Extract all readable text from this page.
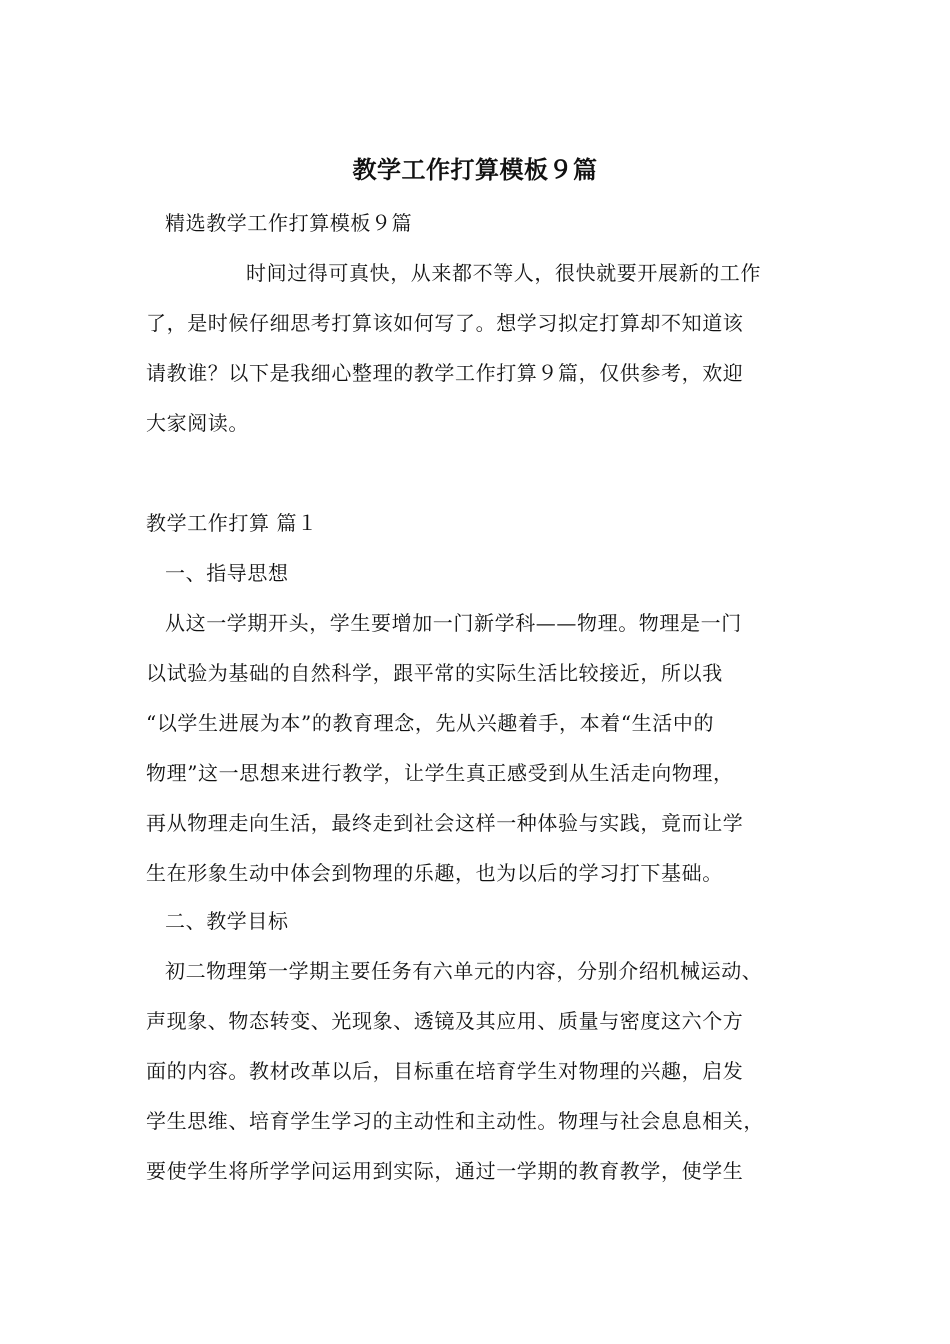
教学工作打算模板９篇
精选教学工作打算模板９篇
时间过得可真快，从来都不等人，很快就要开展新的工作
了，是时候仔细思考打算该如何写了。想学习拟定打算却不知道该
请教谁？以下是我细心整理的教学工作打算９篇，仅供参考，欢迎
大家阅读。
教学工作打算 篇１
一、指导思想
从这一学期开头，学生要增加一门新学科——物理。物理是一门
以试验为基础的自然科学，跟平常的实际生活比较接近，所以我
“以学生进展为本”的教育理念，先从兴趣着手，本着“生活中的
物理”这一思想来进行教学，让学生真正感受到从生活走向物理，
再从物理走向生活，最终走到社会这样一种体验与实践，竟而让学
生在形象生动中体会到物理的乐趣，也为以后的学习打下基础。
二、教学目标
初二物理第一学期主要任务有六单元的内容，分别介绍机械运动、
声现象、物态转变、光现象、透镜及其应用、质量与密度这六个方
面的内容。教材改革以后，目标重在培育学生对物理的兴趣，启发
学生思维、培育学生学习的主动性和主动性。物理与社会息息相关，
要使学生将所学学问运用到实际，通过一学期的教育教学，使学生
